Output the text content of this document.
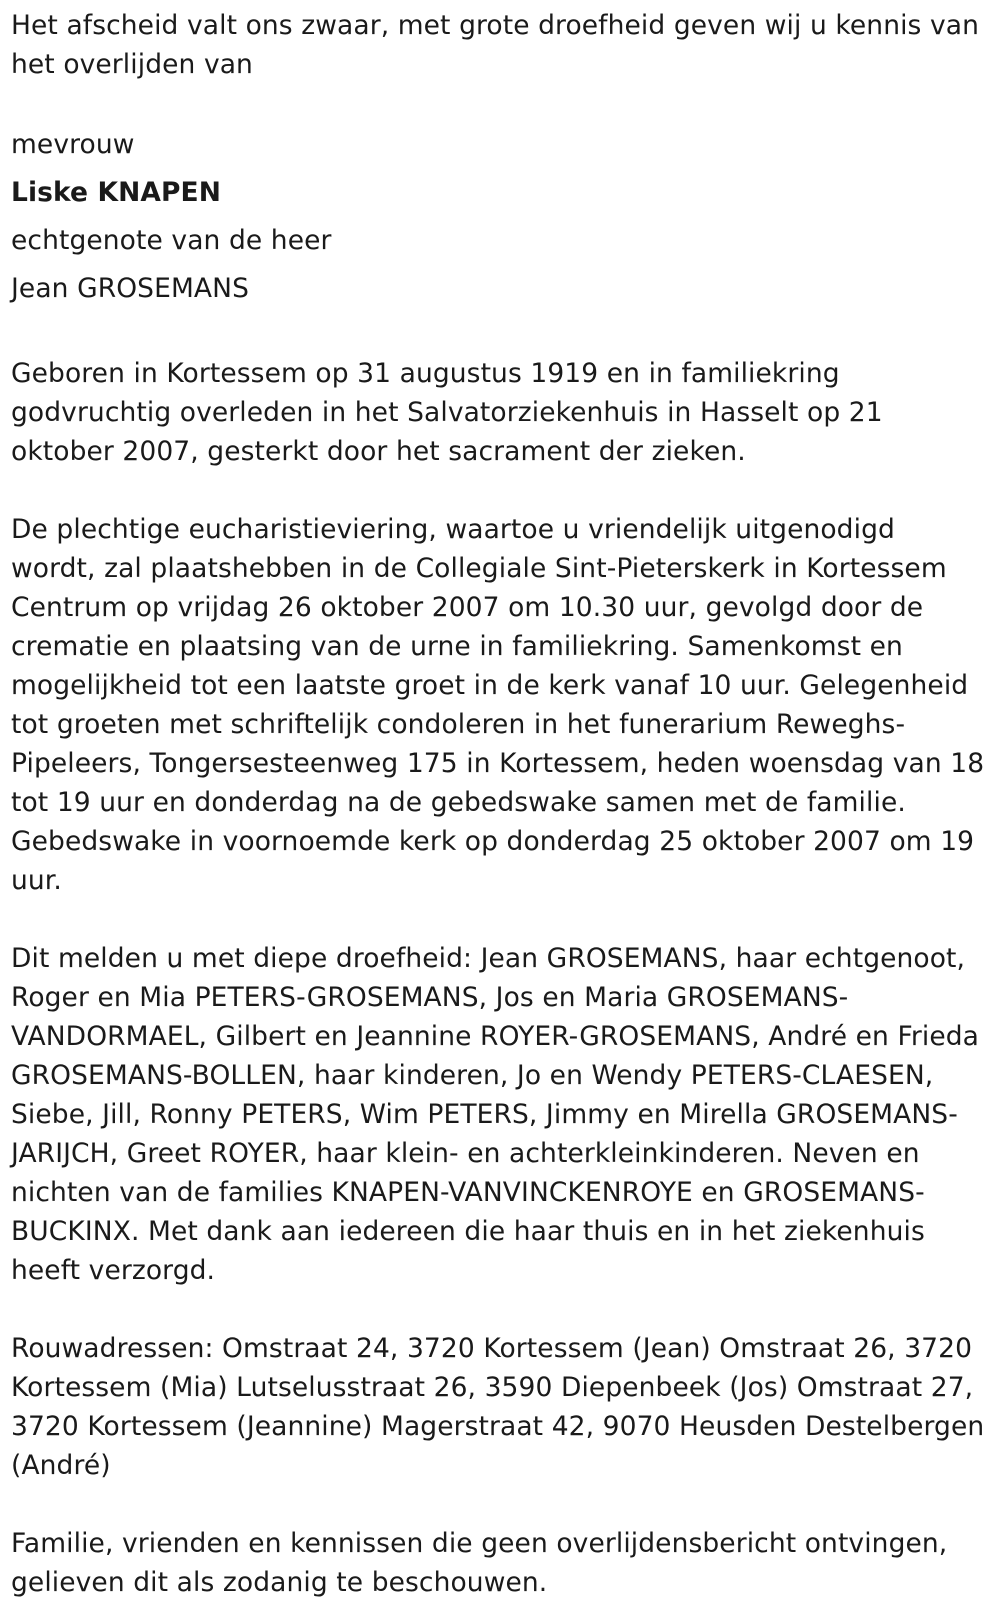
Het afscheid valt ons zwaar, met grote droefheid geven wij u kennis van het overlijden van

mevrouw
Liske KNAPEN
echtgenote van de heer
Jean GROSEMANS

Geboren in Kortessem op 31 augustus 1919 en in familiekring godvruchtig overleden in het Salvatorziekenhuis in Hasselt op 21 oktober 2007, gesterkt door het sacrament der zieken.

De plechtige eucharistieviering, waartoe u vriendelijk uitgenodigd wordt, zal plaatshebben in de Collegiale Sint-Pieterskerk in Kortessem Centrum op vrijdag 26 oktober 2007 om 10.30 uur, gevolgd door de crematie en plaatsing van de urne in familiekring. Samenkomst en mogelijkheid tot een laatste groet in de kerk vanaf 10 uur. Gelegenheid tot groeten met schriftelijk condoleren in het funerarium Reweghs-Pipeleers, Tongersesteenweg 175 in Kortessem, heden woensdag van 18 tot 19 uur en donderdag na de gebedswake samen met de familie. Gebedswake in voornoemde kerk op donderdag 25 oktober 2007 om 19 uur.

Dit melden u met diepe droefheid: Jean GROSEMANS, haar echtgenoot, Roger en Mia PETERS-GROSEMANS, Jos en Maria GROSEMANS-VANDORMAEL, Gilbert en Jeannine ROYER-GROSEMANS, André en Frieda GROSEMANS-BOLLEN, haar kinderen, Jo en Wendy PETERS-CLAESEN, Siebe, Jill, Ronny PETERS, Wim PETERS, Jimmy en Mirella GROSEMANS-JARIJCH, Greet ROYER, haar klein- en achterkleinkinderen. Neven en nichten van de families KNAPEN-VANVINCKENROYE en GROSEMANS-BUCKINX. Met dank aan iedereen die haar thuis en in het ziekenhuis heeft verzorgd.

Rouwadressen: Omstraat 24, 3720 Kortessem (Jean) Omstraat 26, 3720 Kortessem (Mia) Lutselusstraat 26, 3590 Diepenbeek (Jos) Omstraat 27, 3720 Kortessem (Jeannine) Magerstraat 42, 9070 Heusden Destelbergen (André)

Familie, vrienden en kennissen die geen overlijdensbericht ontvingen, gelieven dit als zodanig te beschouwen.
